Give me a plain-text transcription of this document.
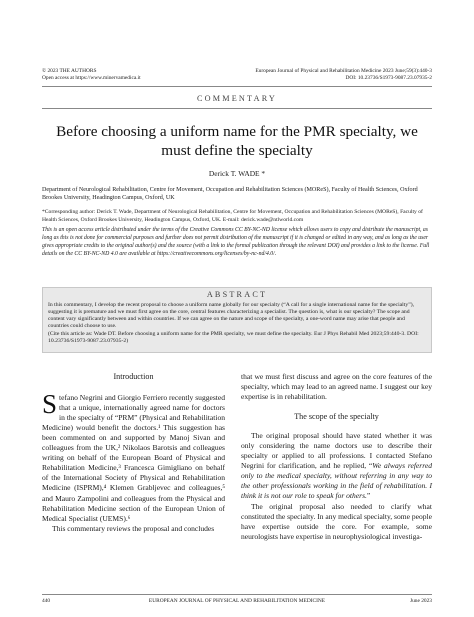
© 2023 THE AUTHORS
Open access at https://www.minervamedica.it
European Journal of Physical and Rehabilitation Medicine 2023 June;59(3):440-3
DOI: 10.23736/S1973-9087.23.07935-2
COMMENTARY
Before choosing a uniform name for the PMR specialty, we must define the specialty
Derick T. WADE *
Department of Neurological Rehabilitation, Centre for Movement, Occupation and Rehabilitation Sciences (MOReS), Faculty of Health Sciences, Oxford Brookes University, Headington Campus, Oxford, UK
*Corresponding author: Derick T. Wade, Department of Neurological Rehabilitation, Centre for Movement, Occupation and Rehabilitation Sciences (MOReS), Faculty of Health Sciences, Oxford Brookes University, Headington Campus, Oxford, UK. E-mail: derick.wade@ntlworld.com
This is an open access article distributed under the terms of the Creative Commons CC BY-NC-ND license which allows users to copy and distribute the manuscript, as long as this is not done for commercial purposes and further does not permit distribution of the manuscript if it is changed or edited in any way, and as long as the user gives appropriate credits to the original author(s) and the source (with a link to the formal publication through the relevant DOI) and provides a link to the license. Full details on the CC BY-NC-ND 4.0 are available at https://creativecommons.org/licenses/by-nc-nd/4.0/.
ABSTRACT
In this commentary, I develop the recent proposal to choose a uniform name globally for our specialty (“A call for a single international name for the specialty”), suggesting it is premature and we must first agree on the core, central features characterizing a specialist. The question is, what is our specialty? The scope and content vary significantly between and within countries. If we can agree on the nature and scope of the specialty, a one-word name may arise that people and countries could choose to use.
(Cite this article as: Wade DT. Before choosing a uniform name for the PMR specialty, we must define the specialty. Eur J Phys Rehabil Med 2023;59:440-3. DOI: 10.23736/S1973-9087.23.07935-2)
Introduction

Stefano Negrini and Giorgio Ferriero recently suggested that a unique, internationally agreed name for doctors in the specialty of “PRM” (Physical and Rehabilitation Medicine) would benefit the doctors.¹ This suggestion has been commented on and supported by Manoj Sivan and colleagues from the UK,² Nikolaos Barotsis and colleagues writing on behalf of the European Board of Physical and Rehabilitation Medicine,³ Francesca Gimigliano on behalf of the International Society of Physical and Rehabilitation Medicine (ISPRM),⁴ Klemen Grabljevec and colleagues,⁵ and Mauro Zampolini and colleagues from the Physical and Rehabilitation Medicine section of the European Union of Medical Specialist (UEMS).⁶

This commentary reviews the proposal and concludes

that we must first discuss and agree on the core features of the specialty, which may lead to an agreed name. I suggest our key expertise is in rehabilitation.

The scope of the specialty

The original proposal should have stated whether it was only considering the name doctors use to describe their specialty or applied to all professions. I contacted Stefano Negrini for clarification, and he replied, “We always referred only to the medical specialty, without referring in any way to the other professionals working in the field of rehabilitation. I think it is not our role to speak for others.”

The original proposal also needed to clarify what constituted the specialty. In any medical specialty, some people have expertise outside the core. For example, some neurologists have expertise in neurophysiological investiga-

440	EUROPEAN JOURNAL OF PHYSICAL AND REHABILITATION MEDICINE	June 2023
